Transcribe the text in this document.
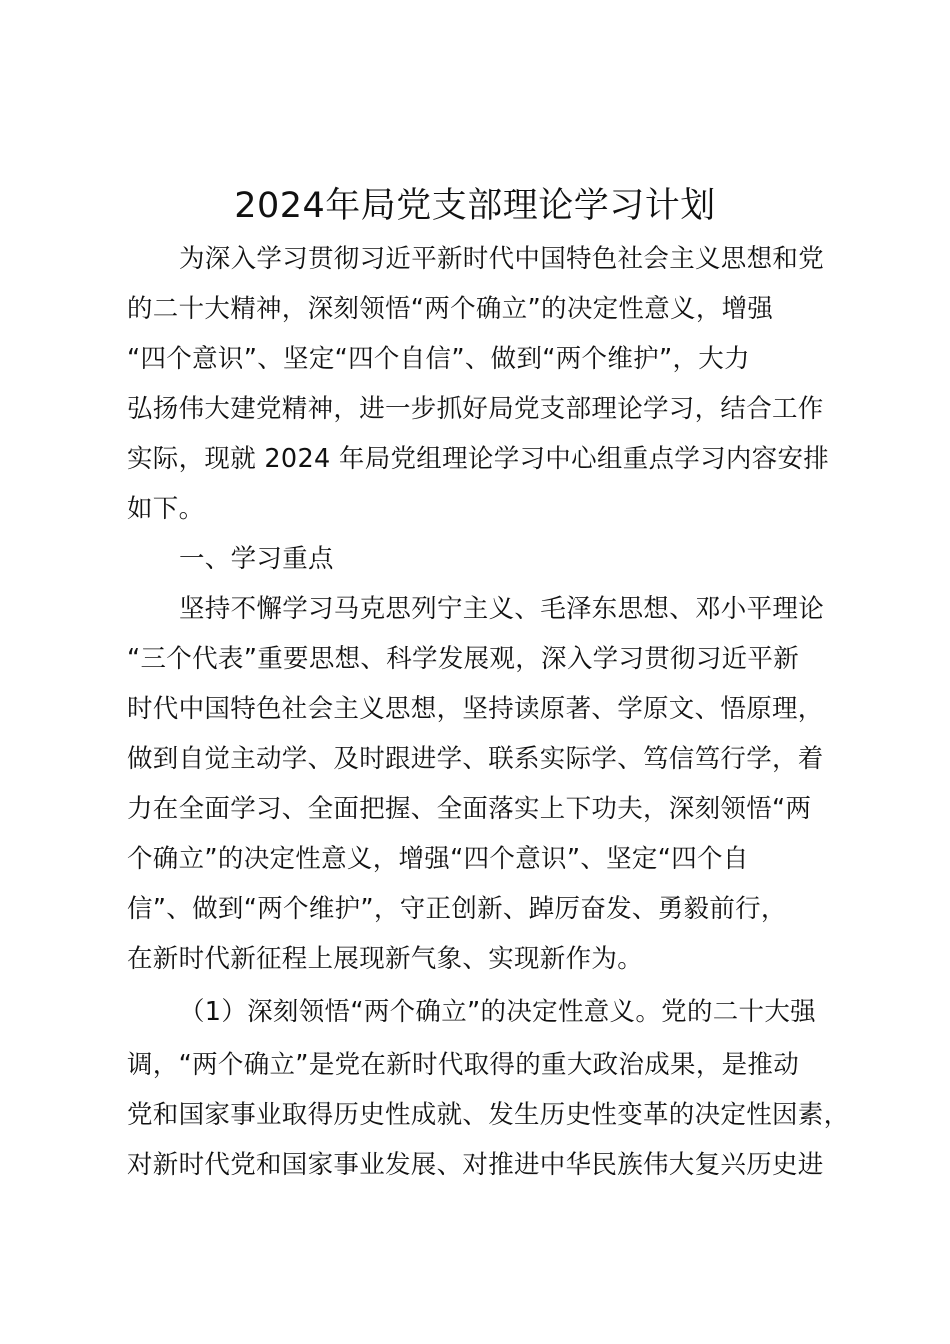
2024年局党支部理论学习计划
为深入学习贯彻习近平新时代中国特色社会主义思想和党
的二十大精神，深刻领悟“两个确立”的决定性意义，增强
“四个意识”、坚定“四个自信”、做到“两个维护”，大力
弘扬伟大建党精神，进一步抓好局党支部理论学习，结合工作
实际，现就 2024 年局党组理论学习中心组重点学习内容安排
如下。
一、学习重点
坚持不懈学习马克思列宁主义、毛泽东思想、邓小平理论
“三个代表”重要思想、科学发展观，深入学习贯彻习近平新
时代中国特色社会主义思想，坚持读原著、学原文、悟原理，
做到自觉主动学、及时跟进学、联系实际学、笃信笃行学，着
力在全面学习、全面把握、全面落实上下功夫，深刻领悟“两
个确立”的决定性意义，增强“四个意识”、坚定“四个自
信”、做到“两个维护”，守正创新、踔厉奋发、勇毅前行，
在新时代新征程上展现新气象、实现新作为。
（1）深刻领悟“两个确立”的决定性意义。党的二十大强
调，“两个确立”是党在新时代取得的重大政治成果，是推动
党和国家事业取得历史性成就、发生历史性变革的决定性因素，
对新时代党和国家事业发展、对推进中华民族伟大复兴历史进
